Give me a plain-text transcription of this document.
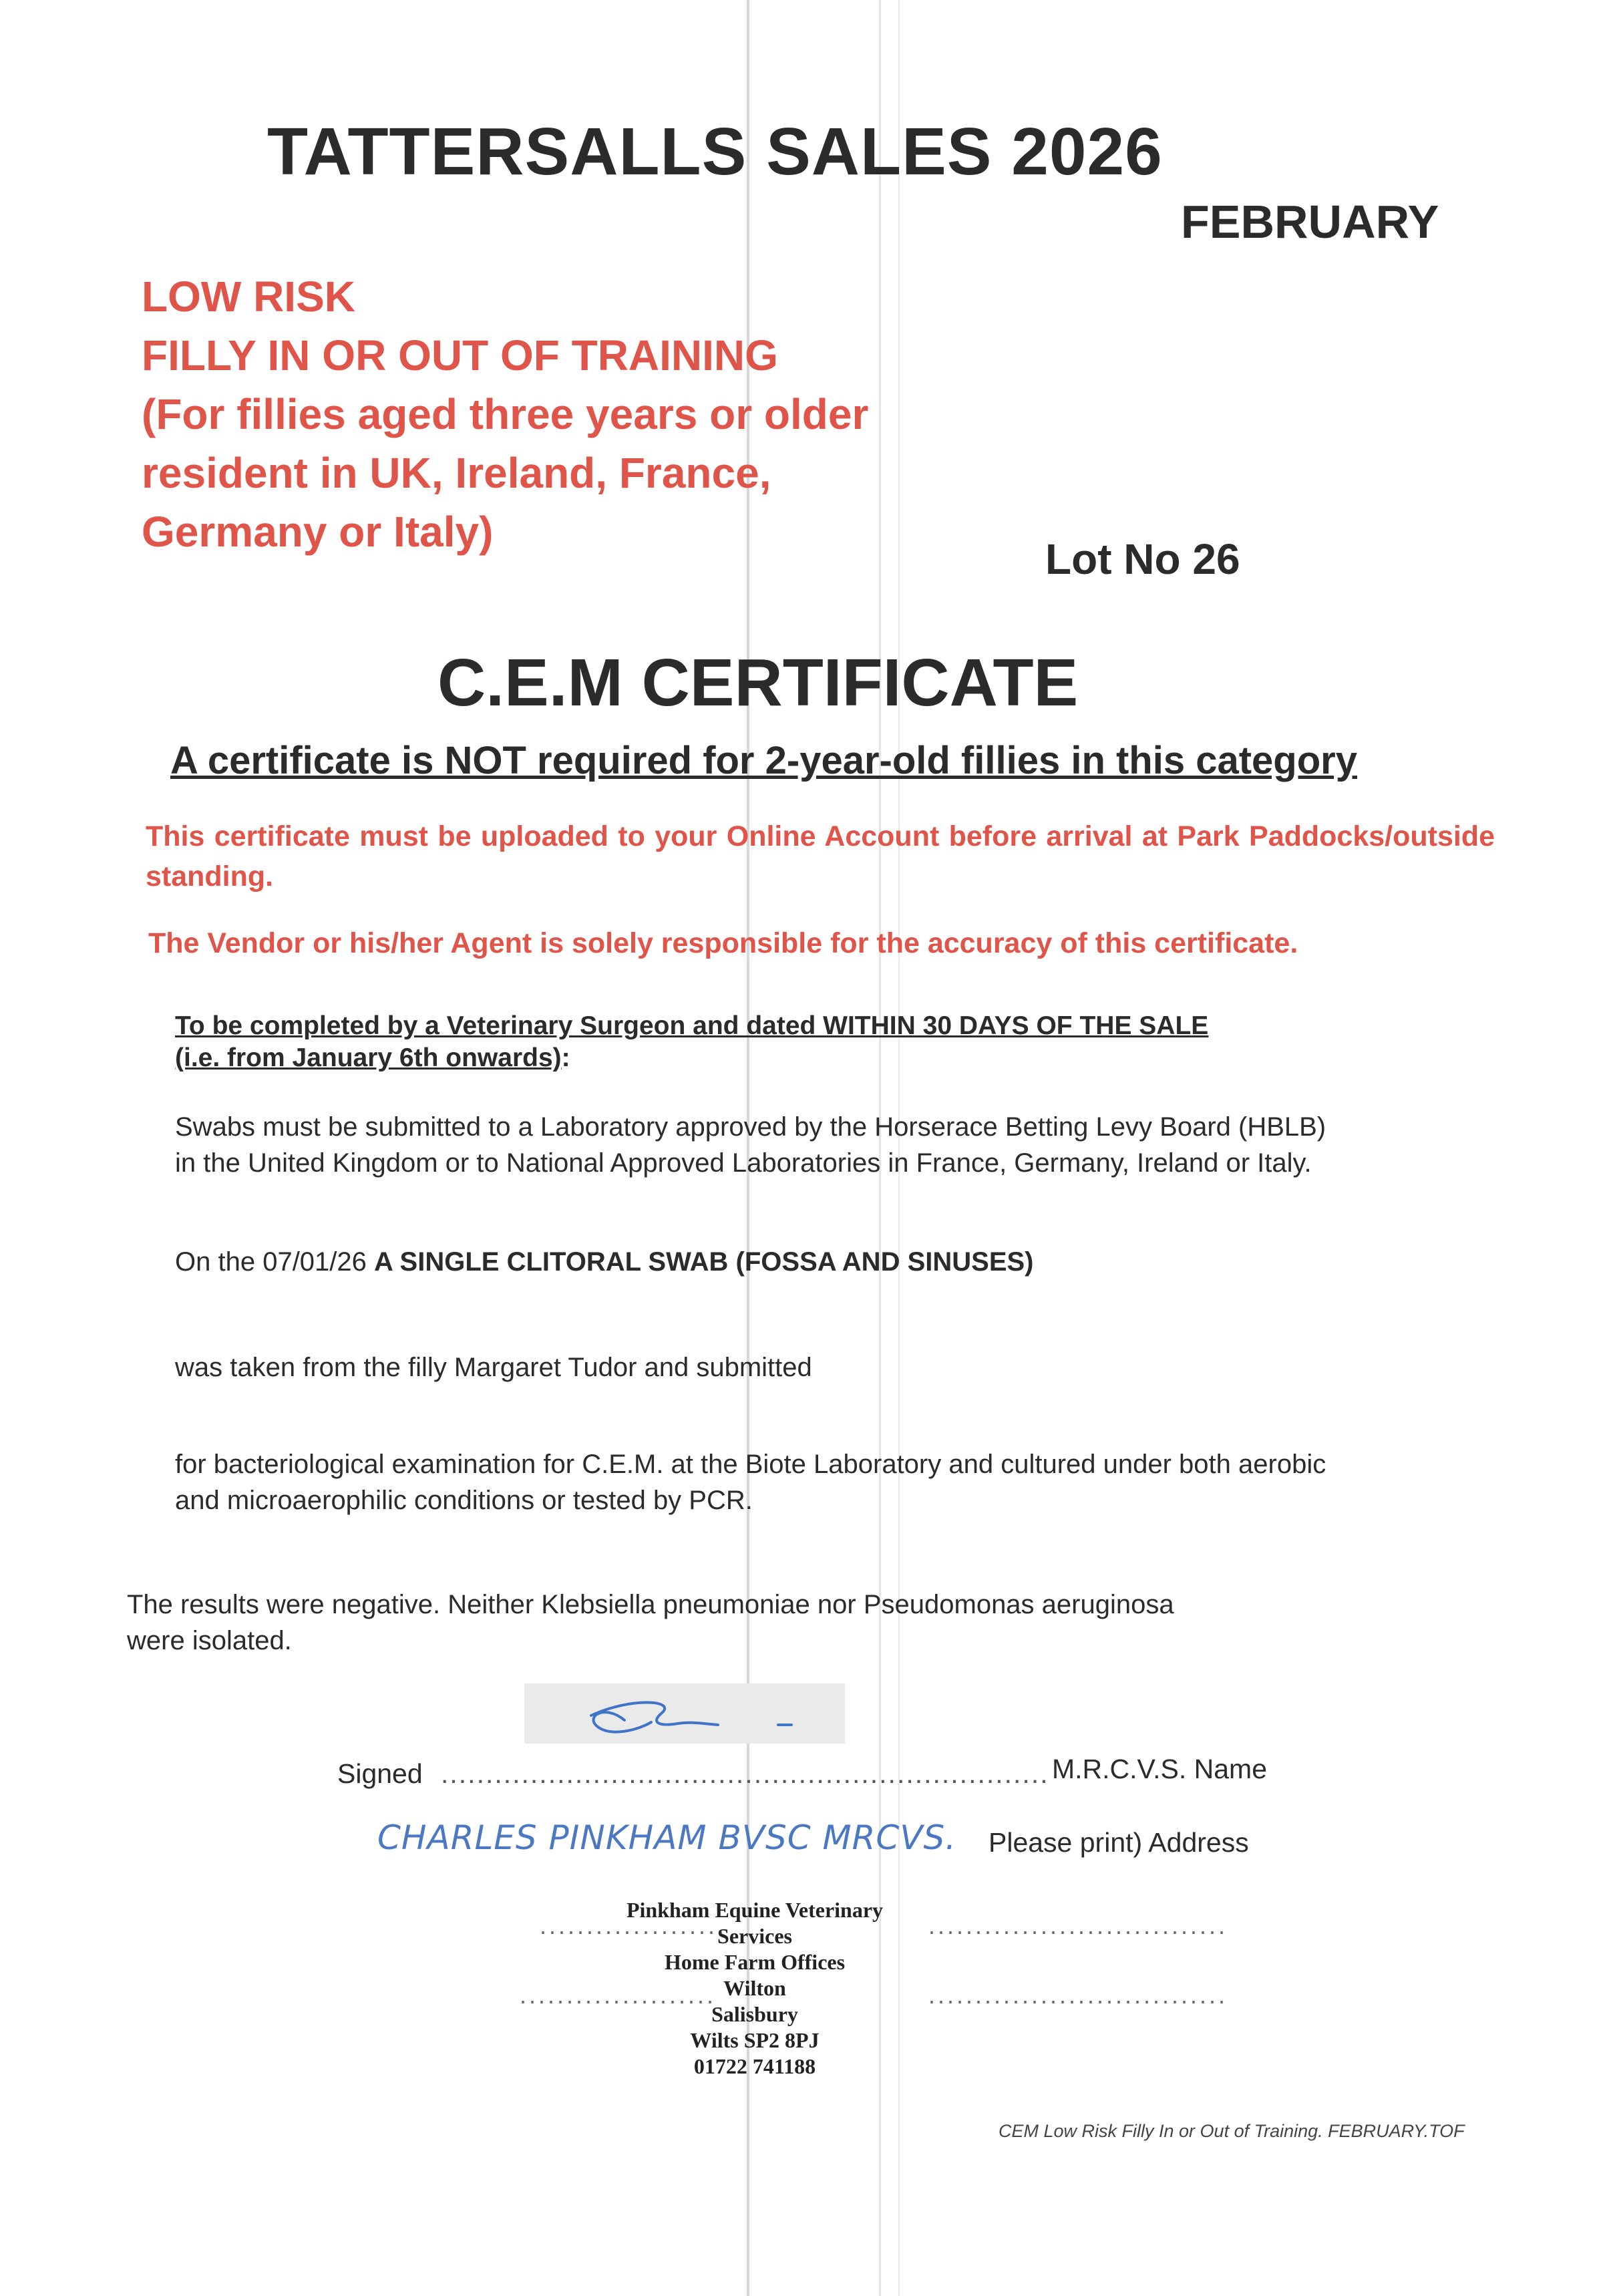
TATTERSALLS SALES 2026
FEBRUARY
LOW RISK
FILLY IN OR OUT OF TRAINING
(For fillies aged three years or older
resident in UK, Ireland, France,
Germany or Italy)
Lot No 26
C.E.M CERTIFICATE
A certificate is NOT required for 2-year-old fillies in this category
This certificate must be uploaded to your Online Account before arrival at Park Paddocks/outside standing.
The Vendor or his/her Agent is solely responsible for the accuracy of this certificate.
To be completed by a Veterinary Surgeon and dated WITHIN 30 DAYS OF THE SALE
(i.e. from January 6th onwards):
Swabs must be submitted to a Laboratory approved by the Horserace Betting Levy Board (HBLB)
in the United Kingdom or to National Approved Laboratories in France, Germany, Ireland or Italy.
On the 07/01/26 A SINGLE CLITORAL SWAB (FOSSA AND SINUSES)
was taken from the filly Margaret Tudor and submitted
for bacteriological examination for C.E.M. at the Biote Laboratory and cultured under both aerobic
and microaerophilic conditions or tested by PCR.
The results were negative. Neither Klebsiella pneumoniae nor Pseudomonas aeruginosa
were isolated.
Signed .................................................................... M.R.C.V.S. Name
CHARLES PINKHAM BVSC MRCVS. Please print) Address
....................	................................
.....................	................................
Pinkham Equine Veterinary Services
Home Farm Offices
Wilton
Salisbury
Wilts SP2 8PJ
01722 741188
CEM Low Risk Filly In or Out of Training. FEBRUARY.TOF
